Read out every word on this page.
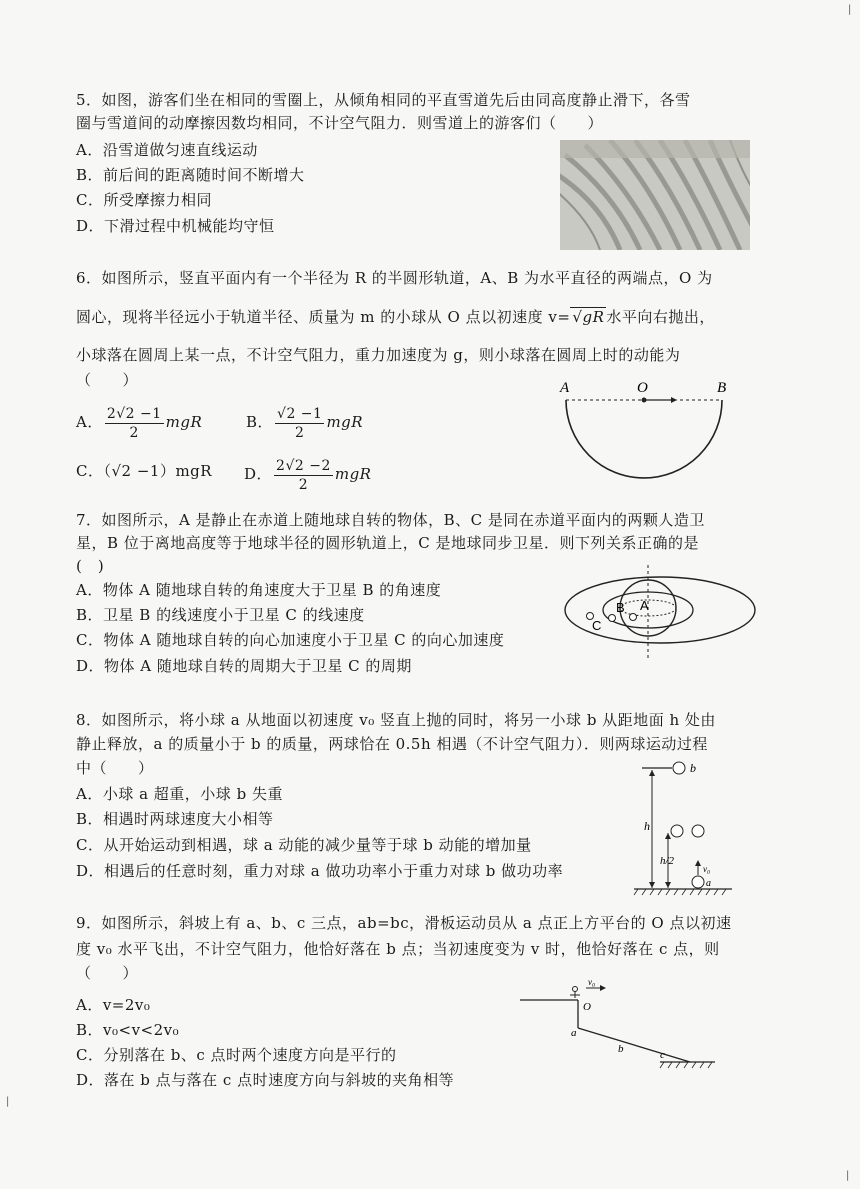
5．如图，游客们坐在相同的雪圈上，从倾角相同的平直雪道先后由同高度静止滑下，各雪
圈与雪道间的动摩擦因数均相同，不计空气阻力．则雪道上的游客们（　　）
A．沿雪道做匀速直线运动
B．前后间的距离随时间不断增大
C．所受摩擦力相同
D．下滑过程中机械能均守恒
6．如图所示，竖直平面内有一个半径为 R 的半圆形轨道，A、B 为水平直径的两端点，O 为
圆心，现将半径远小于轨道半径、质量为 m 的小球从 O 点以初速度 v= √gR 水平向右抛出，
小球落在圆周上某一点，不计空气阻力，重力加速度为 g，则小球落在圆周上时的动能为
（　　）
A． $\frac{2√2 -1}{2}$ mgR	B． $\frac{√2 -1}{2}$ mgR
C．（√2 −1）mgR D． $\frac{2√2 -2}{2}$ mgR
A	O	B
7．如图所示，A 是静止在赤道上随地球自转的物体，B、C 是同在赤道平面内的两颗人造卫
星，B 位于离地高度等于地球半径的圆形轨道上，C 是地球同步卫星．则下列关系正确的是
(　)
A．物体 A 随地球自转的角速度大于卫星 B 的角速度
B．卫星 B 的线速度小于卫星 C 的线速度
C．物体 A 随地球自转的向心加速度小于卫星 C 的向心加速度
D．物体 A 随地球自转的周期大于卫星 C 的周期
A
B
C
8．如图所示，将小球 a 从地面以初速度 v₀ 竖直上抛的同时，将另一小球 b 从距地面 h 处由
静止释放，a 的质量小于 b 的质量，两球恰在 0.5h 相遇（不计空气阻力）．则两球运动过程
中（　　）
A．小球 a 超重，小球 b 失重
B．相遇时两球速度大小相等
C．从开始运动到相遇，球 a 动能的减少量等于球 b 动能的增加量
D．相遇后的任意时刻，重力对球 a 做功功率小于重力对球 b 做功功率
b
h
h/2
v₀
a
9．如图所示，斜坡上有 a、b、c 三点，ab=bc，滑板运动员从 a 点正上方平台的 O 点以初速
度 v₀ 水平飞出，不计空气阻力，他恰好落在 b 点；当初速度变为 v 时，他恰好落在 c 点，则
（　　）
A．v=2v₀
B．v₀<v<2v₀
C．分别落在 b、c 点时两个速度方向是平行的
D．落在 b 点与落在 c 点时速度方向与斜坡的夹角相等
v₀
O
a
b	c
|
|
|
